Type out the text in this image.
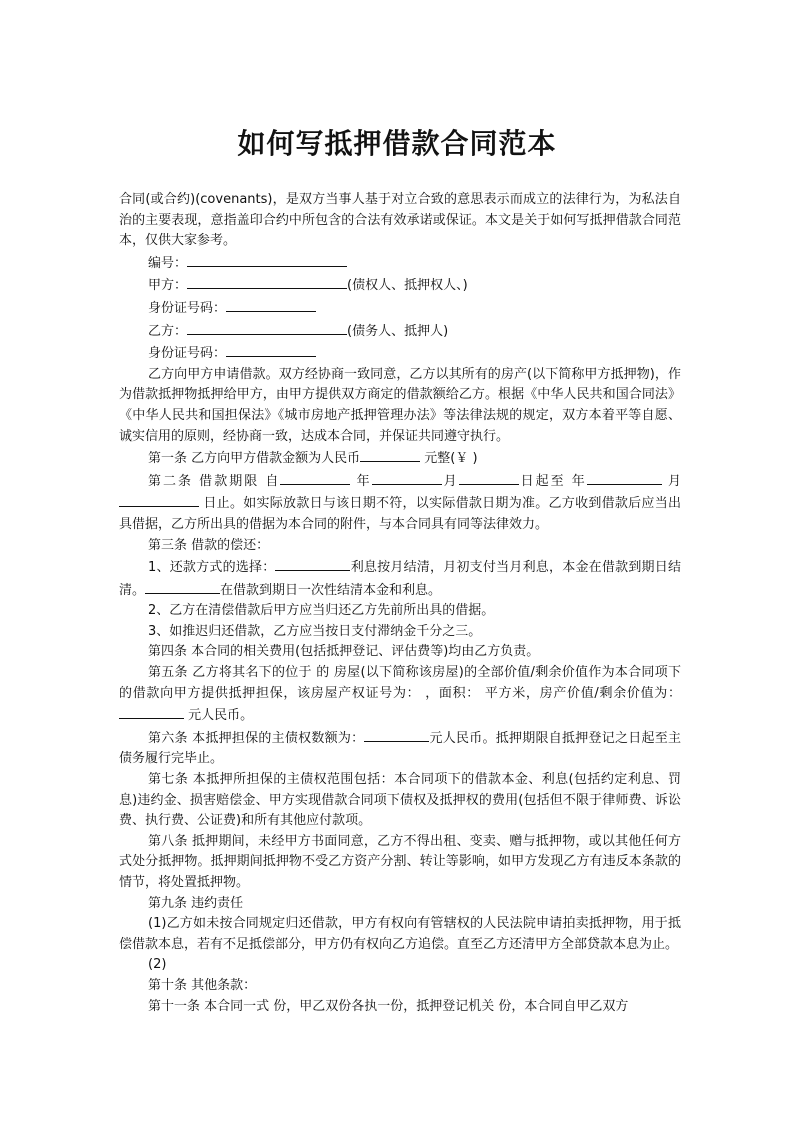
如何写抵押借款合同范本

合同(或合约)(covenants)，是双方当事人基于对立合致的意思表示而成立的法律行为，为私法自治的主要表现，意指盖印合约中所包含的合法有效承诺或保证。本文是关于如何写抵押借款合同范本，仅供大家参考。

编号：

甲方：	(债权人、抵押权人、)

身份证号码：

乙方：	(债务人、抵押人)

身份证号码：

乙方向甲方申请借款。双方经协商一致同意，乙方以其所有的房产(以下简称甲方抵押物)，作为借款抵押物抵押给甲方，由甲方提供双方商定的借款额给乙方。根据《中华人民共和国合同法》《中华人民共和国担保法》《城市房地产抵押管理办法》等法律法规的规定，双方本着平等自愿、诚实信用的原则，经协商一致，达成本合同，并保证共同遵守执行。

第一条 乙方向甲方借款金额为人民币	元整(￥ )

第二条 借款期限 自	年	月	日起至 年	月 日止。如实际放款日与该日期不符，以实际借款日期为准。乙方收到借款后应当出具借据，乙方所出具的借据为本合同的附件，与本合同具有同等法律效力。

第三条 借款的偿还：

1、还款方式的选择：	利息按月结清，月初支付当月利息，本金在借款到期日结清。	在借款到期日一次性结清本金和利息。

2、乙方在清偿借款后甲方应当归还乙方先前所出具的借据。

3、如推迟归还借款，乙方应当按日支付滞纳金千分之三。

第四条 本合同的相关费用(包括抵押登记、评估费等)均由乙方负责。

第五条 乙方将其名下的位于 的 房屋(以下简称该房屋)的全部价值/剩余价值作为本合同项下的借款向甲方提供抵押担保，该房屋产权证号为： ，面积： 平方米，房产价值/剩余价值为： 元人民币。

第六条 本抵押担保的主债权数额为：	元人民币。抵押期限自抵押登记之日起至主债务履行完毕止。

第七条 本抵押所担保的主债权范围包括：本合同项下的借款本金、利息(包括约定利息、罚息)违约金、损害赔偿金、甲方实现借款合同项下债权及抵押权的费用(包括但不限于律师费、诉讼费、执行费、公证费)和所有其他应付款项。

第八条 抵押期间，未经甲方书面同意，乙方不得出租、变卖、赠与抵押物，或以其他任何方式处分抵押物。抵押期间抵押物不受乙方资产分割、转让等影响，如甲方发现乙方有违反本条款的情节，将处置抵押物。

第九条 违约责任

(1)乙方如未按合同规定归还借款，甲方有权向有管辖权的人民法院申请拍卖抵押物，用于抵偿借款本息，若有不足抵偿部分，甲方仍有权向乙方追偿。直至乙方还清甲方全部贷款本息为止。

(2)

第十条 其他条款：

第十一条 本合同一式 份，甲乙双份各执一份，抵押登记机关 份，本合同自甲乙双方
